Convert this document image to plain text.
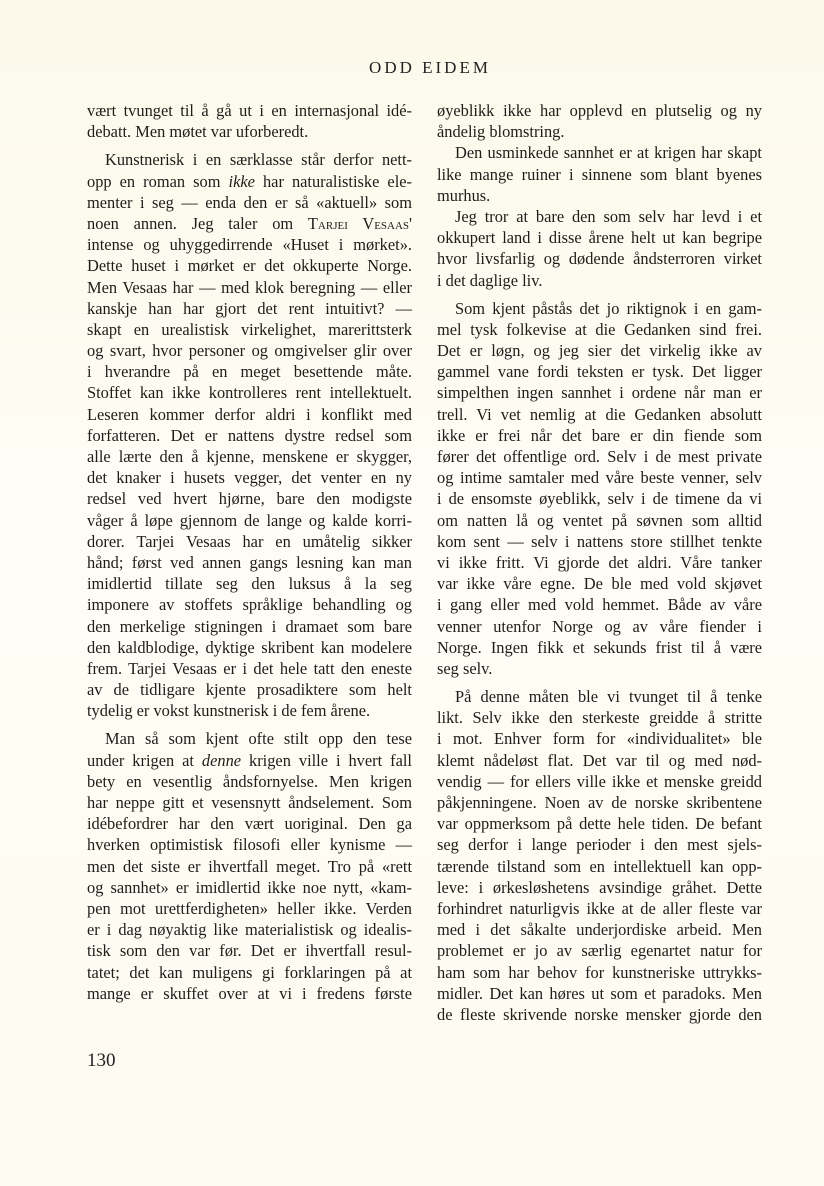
ODD EIDEM
vært tvunget til å gå ut i en internasjonal idé-
debatt. Men møtet var uforberedt.
Kunstnerisk i en særklasse står derfor nett-
opp en roman som ikke har naturalistiske ele-
menter i seg — enda den er så «aktuell» som
noen annen. Jeg taler om Tarjei Vesaas'
intense og uhyggedirrende «Huset i mørket».
Dette huset i mørket er det okkuperte Norge.
Men Vesaas har — med klok beregning — eller
kanskje han har gjort det rent intuitivt? —
skapt en urealistisk virkelighet, marerittsterk
og svart, hvor personer og omgivelser glir over
i hverandre på en meget besettende måte.
Stoffet kan ikke kontrolleres rent intellektuelt.
Leseren kommer derfor aldri i konflikt med
forfatteren. Det er nattens dystre redsel som
alle lærte den å kjenne, menskene er skygger,
det knaker i husets vegger, det venter en ny
redsel ved hvert hjørne, bare den modigste
våger å løpe gjennom de lange og kalde korri-
dorer. Tarjei Vesaas har en umåtelig sikker
hånd; først ved annen gangs lesning kan man
imidlertid tillate seg den luksus å la seg
imponere av stoffets språklige behandling og
den merkelige stigningen i dramaet som bare
den kaldblodige, dyktige skribent kan modelere
frem. Tarjei Vesaas er i det hele tatt den eneste
av de tidligare kjente prosadiktere som helt
tydelig er vokst kunstnerisk i de fem årene.
Man så som kjent ofte stilt opp den tese
under krigen at denne krigen ville i hvert fall
bety en vesentlig åndsfornyelse. Men krigen
har neppe gitt et vesensnytt åndselement. Som
idébefordrer har den vært uoriginal. Den ga
hverken optimistisk filosofi eller kynisme —
men det siste er ihvertfall meget. Tro på «rett
og sannhet» er imidlertid ikke noe nytt, «kam-
pen mot urettferdigheten» heller ikke. Verden
er i dag nøyaktig like materialistisk og idealis-
tisk som den var før. Det er ihvertfall resul-
tatet; det kan muligens gi forklaringen på at
mange er skuffet over at vi i fredens første
øyeblikk ikke har opplevd en plutselig og ny
åndelig blomstring.
Den usminkede sannhet er at krigen har skapt
like mange ruiner i sinnene som blant byenes
murhus.
Jeg tror at bare den som selv har levd i et
okkupert land i disse årene helt ut kan begripe
hvor livsfarlig og dødende åndsterroren virket
i det daglige liv.
Som kjent påstås det jo riktignok i en gam-
mel tysk folkevise at die Gedanken sind frei.
Det er løgn, og jeg sier det virkelig ikke av
gammel vane fordi teksten er tysk. Det ligger
simpelthen ingen sannhet i ordene når man er
trell. Vi vet nemlig at die Gedanken absolutt
ikke er frei når det bare er din fiende som
fører det offentlige ord. Selv i de mest private
og intime samtaler med våre beste venner, selv
i de ensomste øyeblikk, selv i de timene da vi
om natten lå og ventet på søvnen som alltid
kom sent — selv i nattens store stillhet tenkte
vi ikke fritt. Vi gjorde det aldri. Våre tanker
var ikke våre egne. De ble med vold skjøvet
i gang eller med vold hemmet. Både av våre
venner utenfor Norge og av våre fiender i
Norge. Ingen fikk et sekunds frist til å være
seg selv.
På denne måten ble vi tvunget til å tenke
likt. Selv ikke den sterkeste greidde å stritte
i mot. Enhver form for «individualitet» ble
klemt nådeløst flat. Det var til og med nød-
vendig — for ellers ville ikke et menske greidd
påkjenningene. Noen av de norske skribentene
var oppmerksom på dette hele tiden. De befant
seg derfor i lange perioder i den mest sjels-
tærende tilstand som en intellektuell kan opp-
leve: i ørkesløshetens avsindige gråhet. Dette
forhindret naturligvis ikke at de aller fleste var
med i det såkalte underjordiske arbeid. Men
problemet er jo av særlig egenartet natur for
ham som har behov for kunstneriske uttrykks-
midler. Det kan høres ut som et paradoks. Men
de fleste skrivende norske mensker gjorde den
130
